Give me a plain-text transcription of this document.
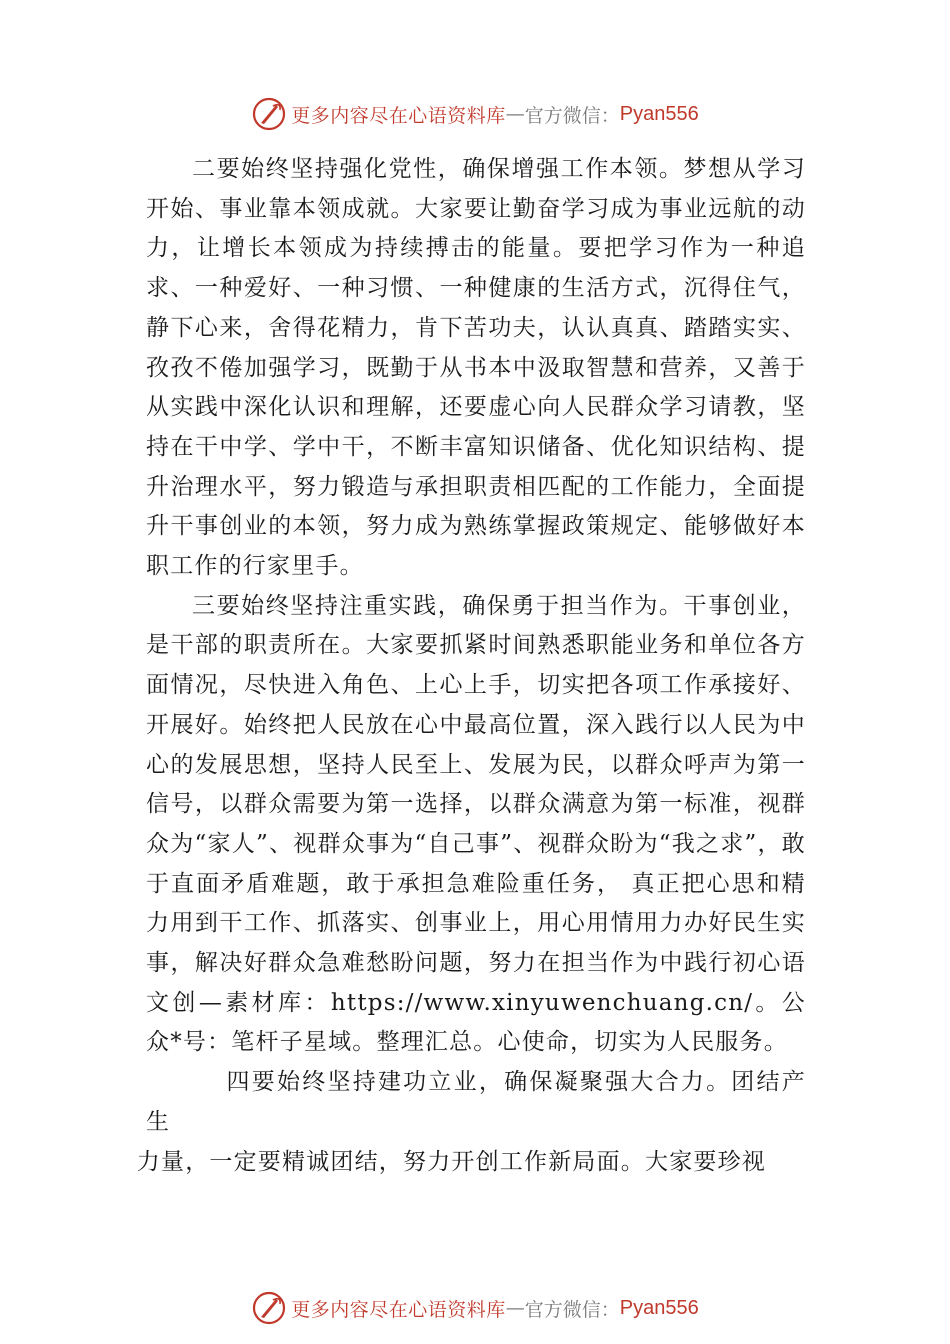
更多内容尽在心语资料库 — 官方微信： Pyan556

二要始终坚持强化党性，确保增强工作本领。梦想从学习开始、事业靠本领成就。大家要让勤奋学习成为事业远航的动力，让增长本领成为持续搏击的能量。要把学习作为一种追求、一种爱好、一种习惯、一种健康的生活方式，沉得住气，静下心来，舍得花精力，肯下苦功夫，认认真真、踏踏实实、孜孜不倦加强学习，既勤于从书本中汲取智慧和营养，又善于从实践中深化认识和理解，还要虚心向人民群众学习请教，坚持在干中学、学中干，不断丰富知识储备、优化知识结构、提升治理水平，努力锻造与承担职责相匹配的工作能力，全面提升干事创业的本领，努力成为熟练掌握政策规定、能够做好本职工作的行家里手。

三要始终坚持注重实践，确保勇于担当作为。干事创业，是干部的职责所在。大家要抓紧时间熟悉职能业务和单位各方面情况，尽快进入角色、上心上手，切实把各项工作承接好、开展好。始终把人民放在心中最高位置，深入践行以人民为中心的发展思想，坚持人民至上、发展为民，以群众呼声为第一信号，以群众需要为第一选择，以群众满意为第一标准，视群众为“家人”、视群众事为“自己事”、视群众盼为“我之求”，敢于直面矛盾难题，敢于承担急难险重任务， 真正把心思和精力用到干工作、抓落实、创事业上，用心用情用力办好民生实事，解决好群众急难愁盼问题，努力在担当作为中践行初心语文创—素材库：https://www.xinyuwenchuang.cn/。公众*号：笔杆子星域。整理汇总。心使命，切实为人民服务。

四要始终坚持建功立业，确保凝聚强大合力。团结产生
力量，一定要精诚团结，努力开创工作新局面。大家要珍视

更多内容尽在心语资料库 — 官方微信： Pyan556
